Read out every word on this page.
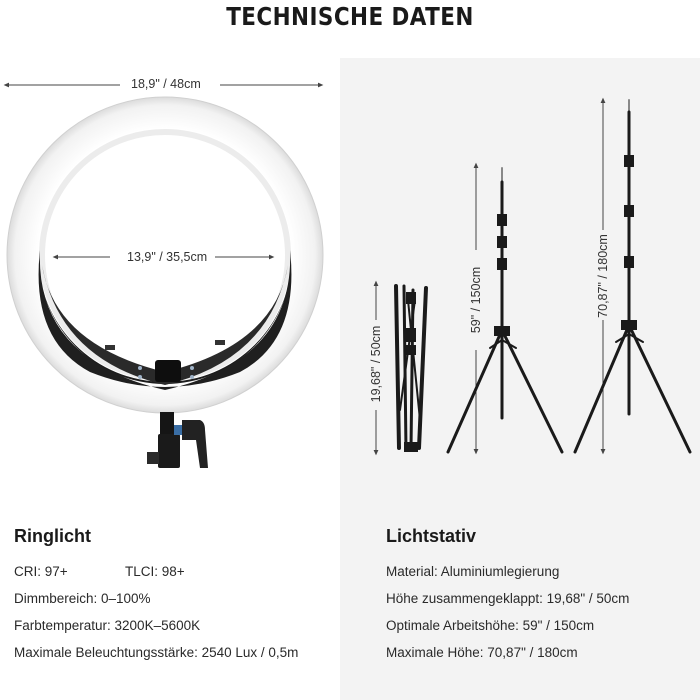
TECHNISCHE DATEN
18,9" / 48cm
13,9" / 35,5cm
19,68" / 50cm
59" / 150cm	70,87" / 180cm
Ringlicht
CRI: 97+	TLCI: 98+
Dimmbereich: 0–100%
Farbtemperatur: 3200K–5600K
Maximale Beleuchtungsstärke: 2540 Lux / 0,5m
Lichtstativ
Material: Aluminiumlegierung
Höhe zusammengeklappt: 19,68" / 50cm
Optimale Arbeitshöhe: 59" / 150cm
Maximale Höhe: 70,87" / 180cm
